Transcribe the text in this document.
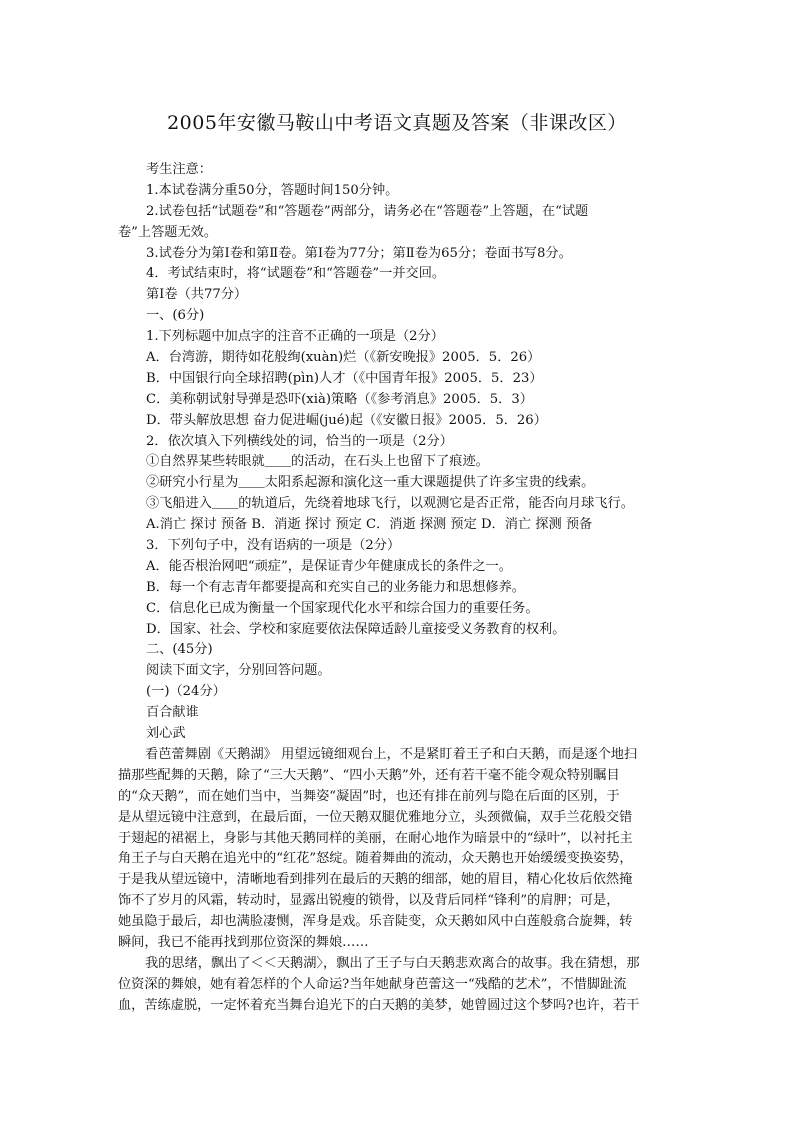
2005年安徽马鞍山中考语文真题及答案（非课改区）
考生注意：
1.本试卷满分重50分，答题时间150分钟。
2.试卷包括“试题卷”和“答题卷”两部分，请务必在“答题卷”上答题，在“试题
卷”上答题无效。
3.试卷分为第Ⅰ卷和第Ⅱ卷。第Ⅰ卷为77分；第Ⅱ卷为65分；卷面书写8分。
4．考试结束时，将“试题卷”和“答题卷”一并交回。
第Ⅰ卷（共77分）
一、(6分)
1.下列标题中加点字的注音不正确的一项是（2分）
A．台湾游，期待如花般绚(xuàn)烂（《新安晚报》2005．5．26）
B．中国银行向全球招聘(pìn)人才（《中国青年报》2005．5．23）
C．美称朝试射导弹是恐吓(xià)策略（《参考消息》2005．5．3）
D．带头解放思想 奋力促进崛(jué)起（《安徽日报》2005．5．26）
2．依次填入下列横线处的词，恰当的一项是（2分）
①自然界某些转眼就＿＿的活动，在石头上也留下了痕迹。
②研究小行星为＿＿太阳系起源和演化这一重大课题提供了许多宝贵的线索。
③飞船进入＿＿的轨道后，先绕着地球飞行，以观测它是否正常，能否向月球飞行。
A.消亡 探讨 预备 B．消逝 探讨 预定 C．消逝 探测 预定 D．消亡 探测 预备
3．下列句子中，没有语病的一项是（2分）
A．能否根治网吧“顽症”，是保证青少年健康成长的条件之一。
B．每一个有志青年都要提高和充实自己的业务能力和思想修养。
C．信息化已成为衡量一个国家现代化水平和综合国力的重要任务。
D．国家、社会、学校和家庭要依法保障适龄儿童接受义务教育的权利。
二、(45分)
阅读下面文字，分别回答问题。
(一)（24分）
百合献谁
刘心武
看芭蕾舞剧《天鹅湖》 用望远镜细观台上，不是紧盯着王子和白天鹅，而是逐个地扫
描那些配舞的天鹅，除了“三大天鹅”、“四小天鹅”外，还有若干毫不能令观众特别瞩目
的“众天鹅”，而在她们当中，当舞姿“凝固”时，也还有排在前列与隐在后面的区别，于
是从望远镜中注意到，在最后面，一位天鹅双腿优雅地分立，头颈微偏，双手兰花般交错
于翅起的裙裾上，身影与其他天鹅同样的美丽，在耐心地作为暗景中的“绿叶”，以衬托主
角王子与白天鹅在追光中的“红花”怒绽。随着舞曲的流动，众天鹅也开始缓缓变换姿势，
于是我从望远镜中，清晰地看到排列在最后的天鹅的细部，她的眉目，精心化妆后依然掩
饰不了岁月的风霜，转动时，显露出锐瘦的锁骨，以及背后同样“锋利”的肩胛；可是，
她虽隐于最后，却也满脸凄恻，浑身是戏。乐音陡变，众天鹅如风中白莲般翕合旋舞，转
瞬间，我已不能再找到那位资深的舞娘……
我的思绪，飘出了＜＜天鹅湖〉，飘出了王子与白天鹅悲欢离合的故事。我在猜想，那
位资深的舞娘，她有着怎样的个人命运?当年她献身芭蕾这一“残酷的艺术”，不惜脚趾流
血，苦练虚脱，一定怀着充当舞台追光下的白天鹅的美梦，她曾圆过这个梦吗?也许，若干
